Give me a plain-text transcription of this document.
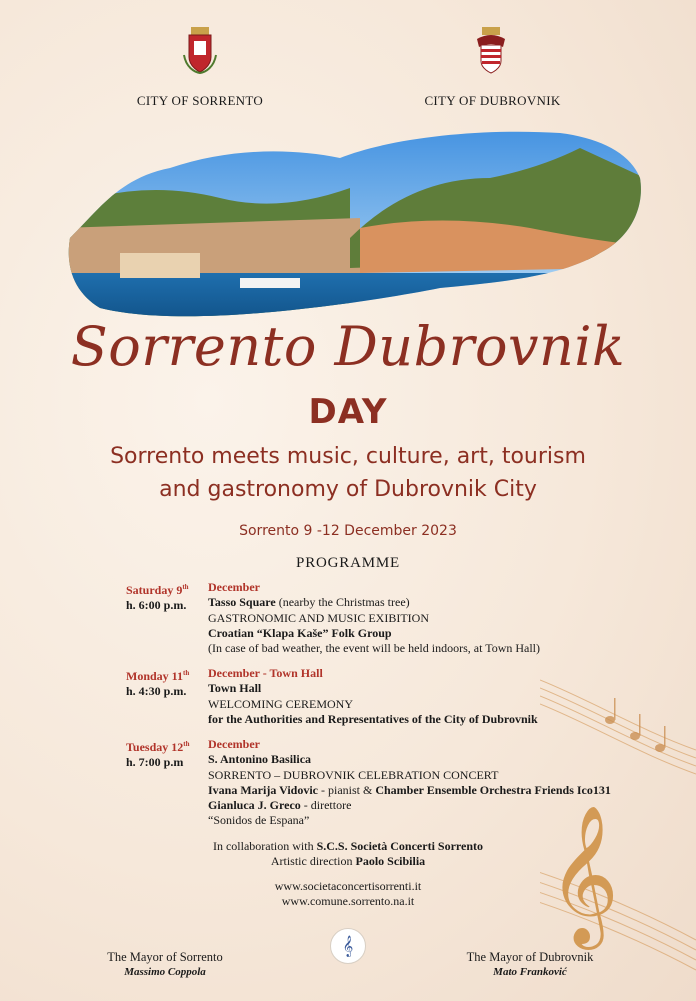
𝄞
CITY OF SORRENTO	CITY OF DUBROVNIK
Sorrento Dubrovnik
DAY
Sorrento meets music, culture, art, tourism
and gastronomy of Dubrovnik City
Sorrento 9 -12 December 2023
PROGRAMME
Saturday 9th
h. 6:00 p.m.
December
Tasso Square (nearby the Christmas tree)
GASTRONOMIC AND MUSIC EXIBITION
Croatian “Klapa Kaše” Folk Group
(In case of bad weather, the event will be held indoors, at Town Hall)
Monday 11th
h. 4:30 p.m.
December - Town Hall
Town Hall
WELCOMING CEREMONY
for the Authorities and Representatives of the City of Dubrovnik
Tuesday 12th
h. 7:00 p.m
December
S. Antonino Basilica
SORRENTO – DUBROVNIK CELEBRATION CONCERT
Ivana Marija Vidovic - pianist & Chamber Ensemble Orchestra Friends Ico131
Gianluca J. Greco - direttore
“Sonidos de Espana”
In collaboration with S.C.S. Società Concerti Sorrento
Artistic direction Paolo Scibilia
www.societaconcertisorrenti.it
www.comune.sorrento.na.it
𝄞
The Mayor of Sorrento
Massimo Coppola
The Mayor of Dubrovnik
Mato Franković
